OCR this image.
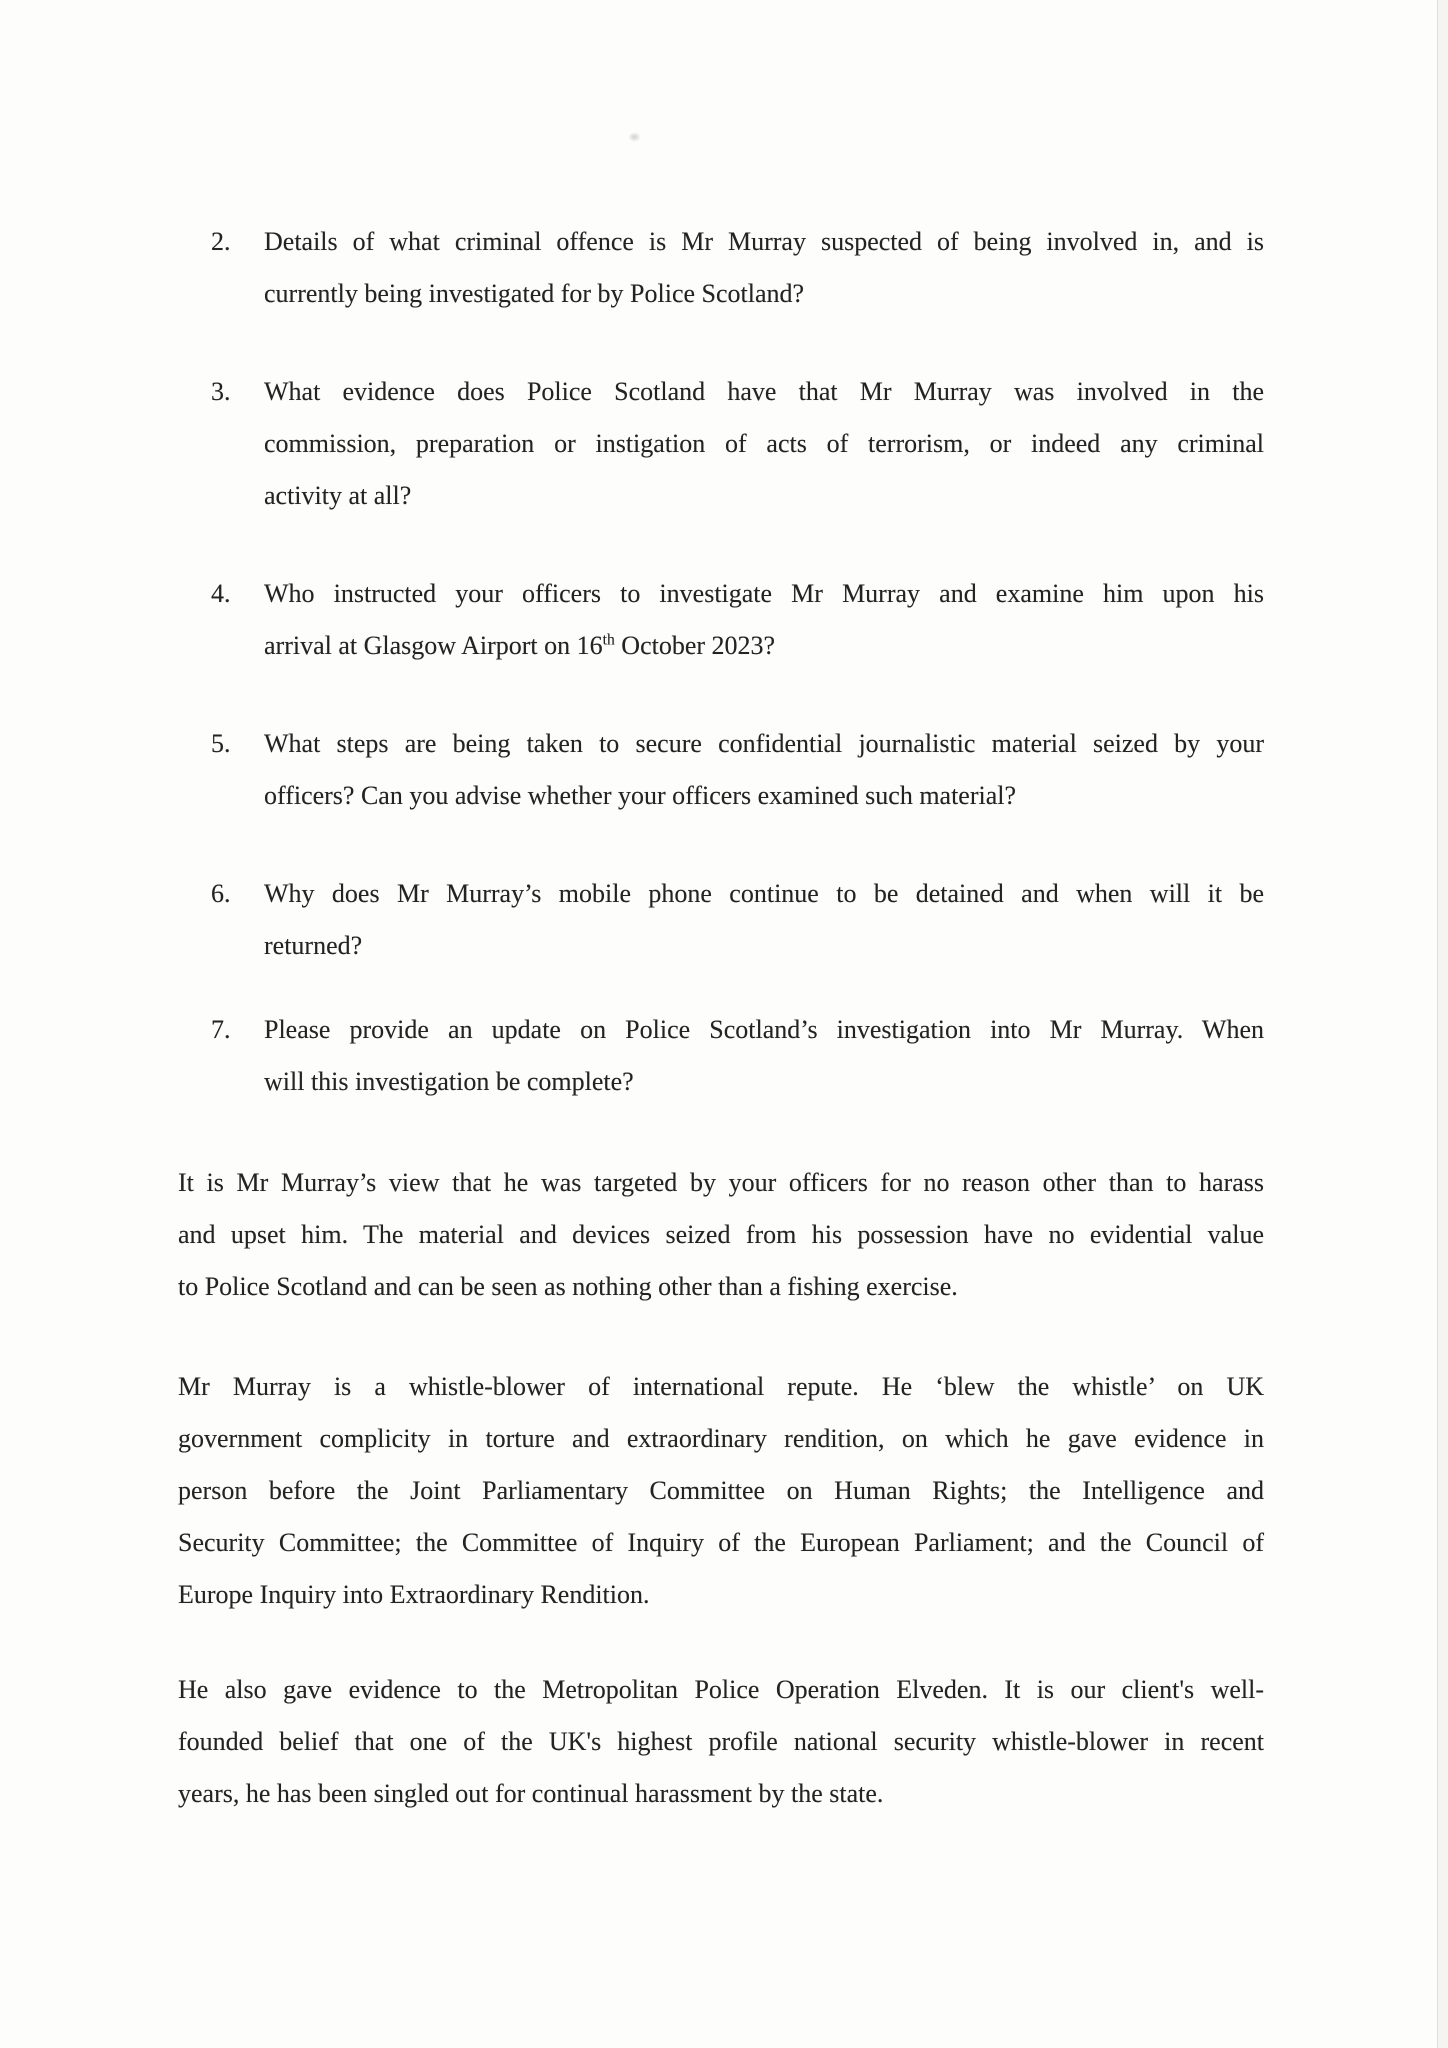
2.	Details of what criminal offence is Mr Murray suspected of being involved in, and is
currently being investigated for by Police Scotland?
3.	What evidence does Police Scotland have that Mr Murray was involved in the
commission, preparation or instigation of acts of terrorism, or indeed any criminal
activity at all?
4.	Who instructed your officers to investigate Mr Murray and examine him upon his
arrival at Glasgow Airport on 16th October 2023?
5.	What steps are being taken to secure confidential journalistic material seized by your
officers? Can you advise whether your officers examined such material?
6.	Why does Mr Murray’s mobile phone continue to be detained and when will it be
returned?
7.	Please provide an update on Police Scotland’s investigation into Mr Murray. When
will this investigation be complete?
It is Mr Murray’s view that he was targeted by your officers for no reason other than to harass
and upset him. The material and devices seized from his possession have no evidential value
to Police Scotland and can be seen as nothing other than a fishing exercise.
Mr Murray is a whistle-blower of international repute. He ‘blew the whistle’ on UK
government complicity in torture and extraordinary rendition, on which he gave evidence in
person before the Joint Parliamentary Committee on Human Rights; the Intelligence and
Security Committee; the Committee of Inquiry of the European Parliament; and the Council of
Europe Inquiry into Extraordinary Rendition.
He also gave evidence to the Metropolitan Police Operation Elveden. It is our client's well-
founded belief that one of the UK's highest profile national security whistle-blower in recent
years, he has been singled out for continual harassment by the state.
